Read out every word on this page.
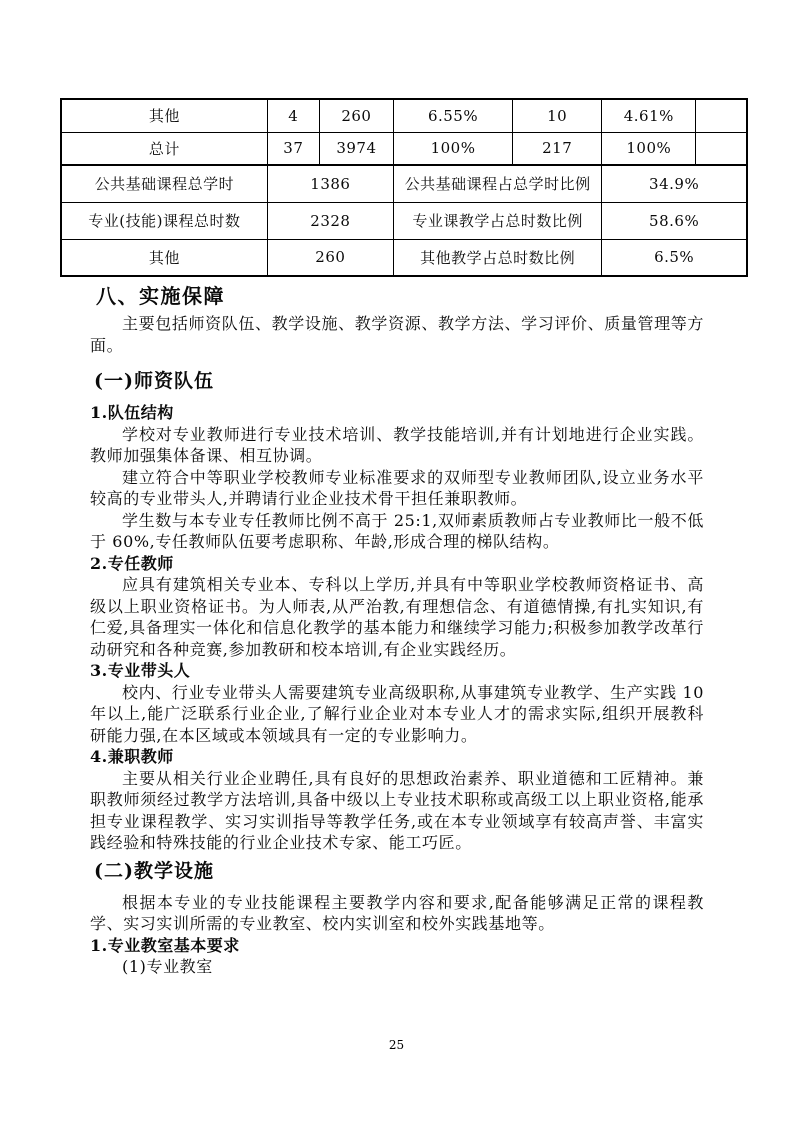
其他	4	260	6.55%	10	4.61%	
总计	37	3974	100%	217	100%	
公共基础课程总学时	1386		公共基础课程占总学时比例		34.9%	
专业(技能)课程总时数	2328		专业课教学占总时数比例		58.6%	
其他	260		其他教学占总时数比例		6.5%	
八、实施保障

主要包括师资队伍、教学设施、教学资源、教学方法、学习评价、质量管理等方面。

(一)师资队伍
1.队伍结构

学校对专业教师进行专业技术培训、教学技能培训,并有计划地进行企业实践。教师加强集体备课、相互协调。

建立符合中等职业学校教师专业标准要求的双师型专业教师团队,设立业务水平较高的专业带头人,并聘请行业企业技术骨干担任兼职教师。

学生数与本专业专任教师比例不高于 25:1,双师素质教师占专业教师比一般不低于 60%,专任教师队伍要考虑职称、年龄,形成合理的梯队结构。

2.专任教师

应具有建筑相关专业本、专科以上学历,并具有中等职业学校教师资格证书、高级以上职业资格证书。为人师表,从严治教,有理想信念、有道德情操,有扎实知识,有仁爱,具备理实一体化和信息化教学的基本能力和继续学习能力;积极参加教学改革行动研究和各种竞赛,参加教研和校本培训,有企业实践经历。

3.专业带头人

校内、行业专业带头人需要建筑专业高级职称,从事建筑专业教学、生产实践 10 年以上,能广泛联系行业企业,了解行业企业对本专业人才的需求实际,组织开展教科研能力强,在本区域或本领域具有一定的专业影响力。

4.兼职教师

主要从相关行业企业聘任,具有良好的思想政治素养、职业道德和工匠精神。兼职教师须经过教学方法培训,具备中级以上专业技术职称或高级工以上职业资格,能承担专业课程教学、实习实训指导等教学任务,或在本专业领域享有较高声誉、丰富实践经验和特殊技能的行业企业技术专家、能工巧匠。

(二)教学设施

根据本专业的专业技能课程主要教学内容和要求,配备能够满足正常的课程教学、实习实训所需的专业教室、校内实训室和校外实践基地等。

1.专业教室基本要求

(1)专业教室

25
